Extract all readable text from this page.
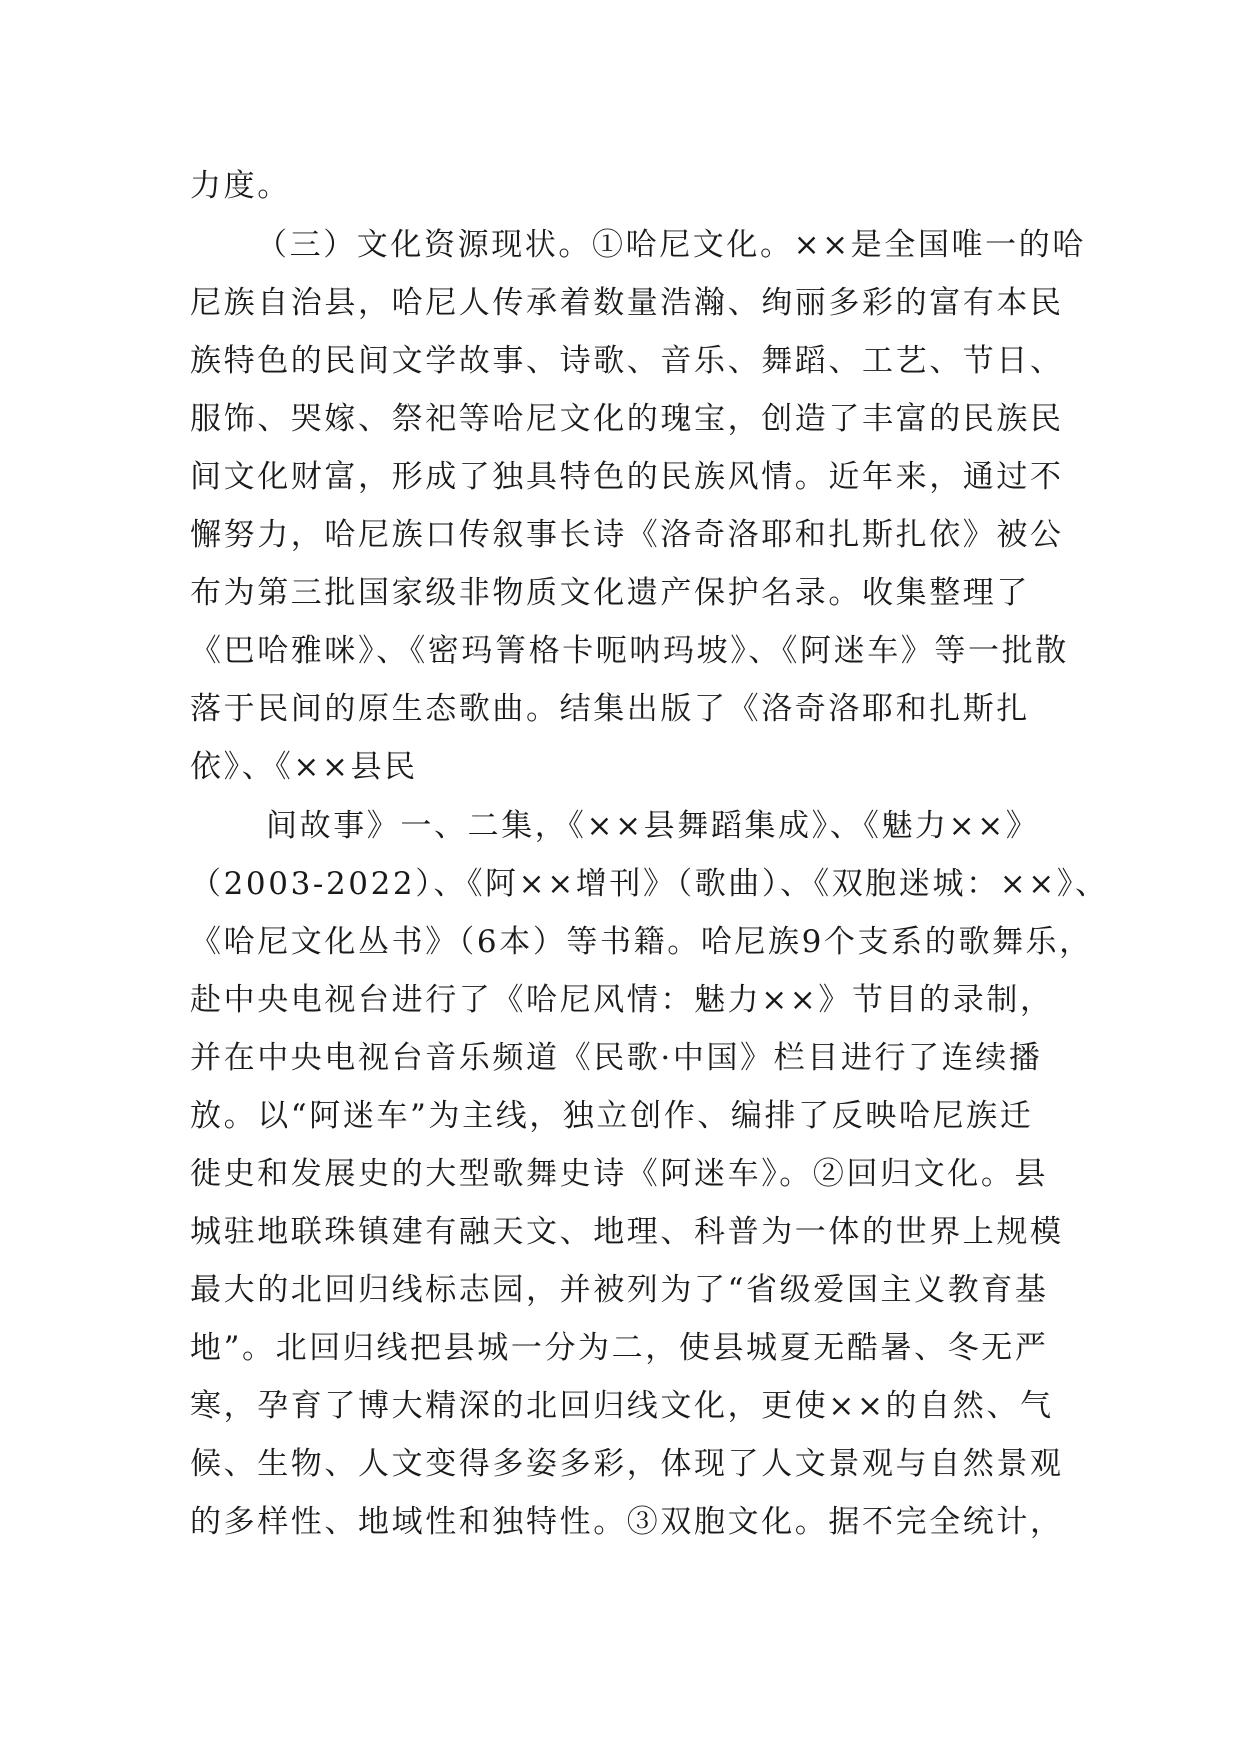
力度。
（三）文化资源现状。①哈尼文化。××是全国唯一的哈
尼族自治县，哈尼人传承着数量浩瀚、绚丽多彩的富有本民
族特色的民间文学故事、诗歌、音乐、舞蹈、工艺、节日、
服饰、哭嫁、祭祀等哈尼文化的瑰宝，创造了丰富的民族民
间文化财富，形成了独具特色的民族风情。近年来，通过不
懈努力，哈尼族口传叙事长诗《洛奇洛耶和扎斯扎依》被公
布为第三批国家级非物质文化遗产保护名录。收集整理了
《巴哈雅咪》、《密玛箐格卡呃呐玛坡》、《阿迷车》等一批散
落于民间的原生态歌曲。结集出版了《洛奇洛耶和扎斯扎
依》、《××县民
间故事》一、二集，《××县舞蹈集成》、《魅力××》
（2003-2022）、《阿××增刊》（歌曲）、《双胞迷城：××》、
《哈尼文化丛书》（6本）等书籍。哈尼族9个支系的歌舞乐，
赴中央电视台进行了《哈尼风情：魅力××》节目的录制，
并在中央电视台音乐频道《民歌·中国》栏目进行了连续播
放。以“阿迷车”为主线，独立创作、编排了反映哈尼族迁
徙史和发展史的大型歌舞史诗《阿迷车》。②回归文化。县
城驻地联珠镇建有融天文、地理、科普为一体的世界上规模
最大的北回归线标志园，并被列为了“省级爱国主义教育基
地”。北回归线把县城一分为二，使县城夏无酷暑、冬无严
寒，孕育了博大精深的北回归线文化，更使××的自然、气
候、生物、人文变得多姿多彩，体现了人文景观与自然景观
的多样性、地域性和独特性。③双胞文化。据不完全统计，
